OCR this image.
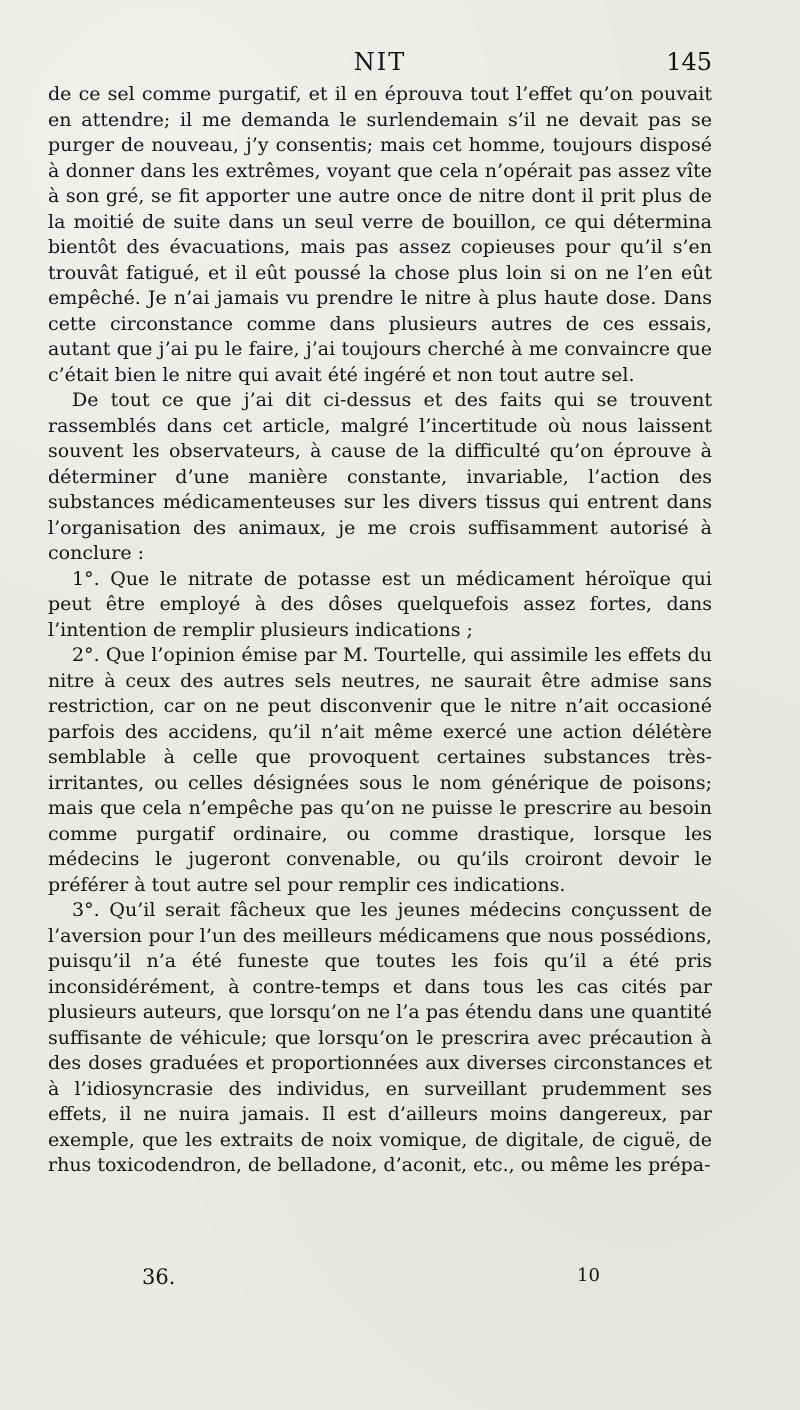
NIT	145

de ce sel comme purgatif, et il en éprouva tout l’effet qu’on pouvait en attendre; il me demanda le surlendemain s’il ne devait pas se purger de nouveau, j’y consentis; mais cet homme, toujours disposé à donner dans les extrêmes, voyant que cela n’opérait pas assez vîte à son gré, se fit apporter une autre once de nitre dont il prit plus de la moitié de suite dans un seul verre de bouillon, ce qui détermina bientôt des évacuations, mais pas assez copieuses pour qu’il s’en trouvât fatigué, et il eût poussé la chose plus loin si on ne l’en eût empêché. Je n’ai jamais vu prendre le nitre à plus haute dose. Dans cette circonstance comme dans plusieurs autres de ces essais, autant que j’ai pu le faire, j’ai toujours cherché à me convaincre que c’était bien le nitre qui avait été ingéré et non tout autre sel.

De tout ce que j’ai dit ci-dessus et des faits qui se trouvent rassemblés dans cet article, malgré l’incertitude où nous laissent souvent les observateurs, à cause de la difficulté qu’on éprouve à déterminer d’une manière constante, invariable, l’action des substances médicamenteuses sur les divers tissus qui entrent dans l’organisation des animaux, je me crois suffisamment autorisé à conclure :

1°. Que le nitrate de potasse est un médicament héroïque qui peut être employé à des dôses quelquefois assez fortes, dans l’intention de remplir plusieurs indications ;

2°. Que l’opinion émise par M. Tourtelle, qui assimile les effets du nitre à ceux des autres sels neutres, ne saurait être admise sans restriction, car on ne peut disconvenir que le nitre n’ait occasioné parfois des accidens, qu’il n’ait même exercé une action délétère semblable à celle que provoquent certaines substances très-irritantes, ou celles désignées sous le nom générique de poisons; mais que cela n’empêche pas qu’on ne puisse le prescrire au besoin comme purgatif ordinaire, ou comme drastique, lorsque les médecins le jugeront convenable, ou qu’ils croiront devoir le préférer à tout autre sel pour remplir ces indications.

3°. Qu’il serait fâcheux que les jeunes médecins conçussent de l’aversion pour l’un des meilleurs médicamens que nous possédions, puisqu’il n’a été funeste que toutes les fois qu’il a été pris inconsidérément, à contre-temps et dans tous les cas cités par plusieurs auteurs, que lorsqu’on ne l’a pas étendu dans une quantité suffisante de véhicule; que lorsqu’on le prescrira avec précaution à des doses graduées et proportionnées aux diverses circonstances et à l’idiosyncrasie des individus, en surveillant prudemment ses effets, il ne nuira jamais. Il est d’ailleurs moins dangereux, par exemple, que les extraits de noix vomique, de digitale, de ciguë, de rhus toxicodendron, de belladone, d’aconit, etc., ou même les prépa-

36.	10
